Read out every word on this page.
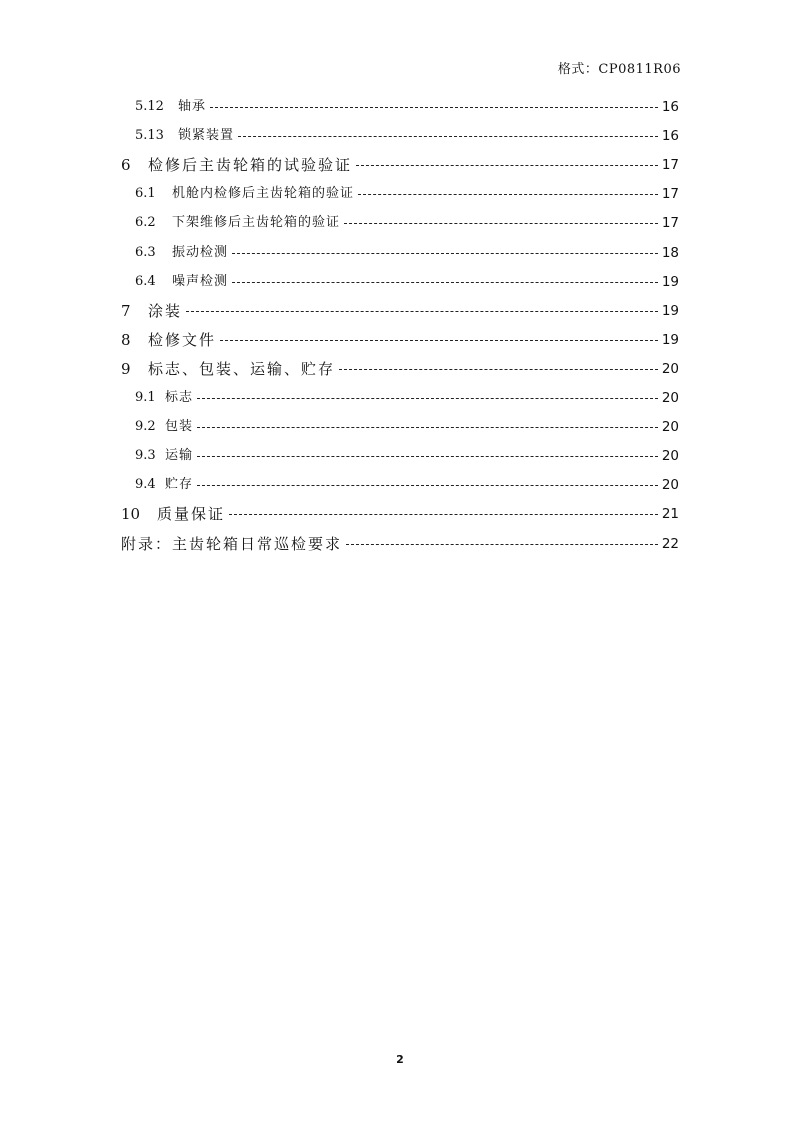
格式：CP0811R06
5.12 轴承	16
5.13 锁紧装置	16
6 检修后主齿轮箱的试验验证	17
6.1 机舱内检修后主齿轮箱的验证	17
6.2 下架维修后主齿轮箱的验证	17
6.3 振动检测	18
6.4 噪声检测	19
7 涂装	19
8 检修文件	19
9 标志、包装、运输、贮存	20
9.1 标志	20
9.2 包装	20
9.3 运输	20
9.4 贮存	20
10 质量保证	21
附录：主齿轮箱日常巡检要求	22
2
